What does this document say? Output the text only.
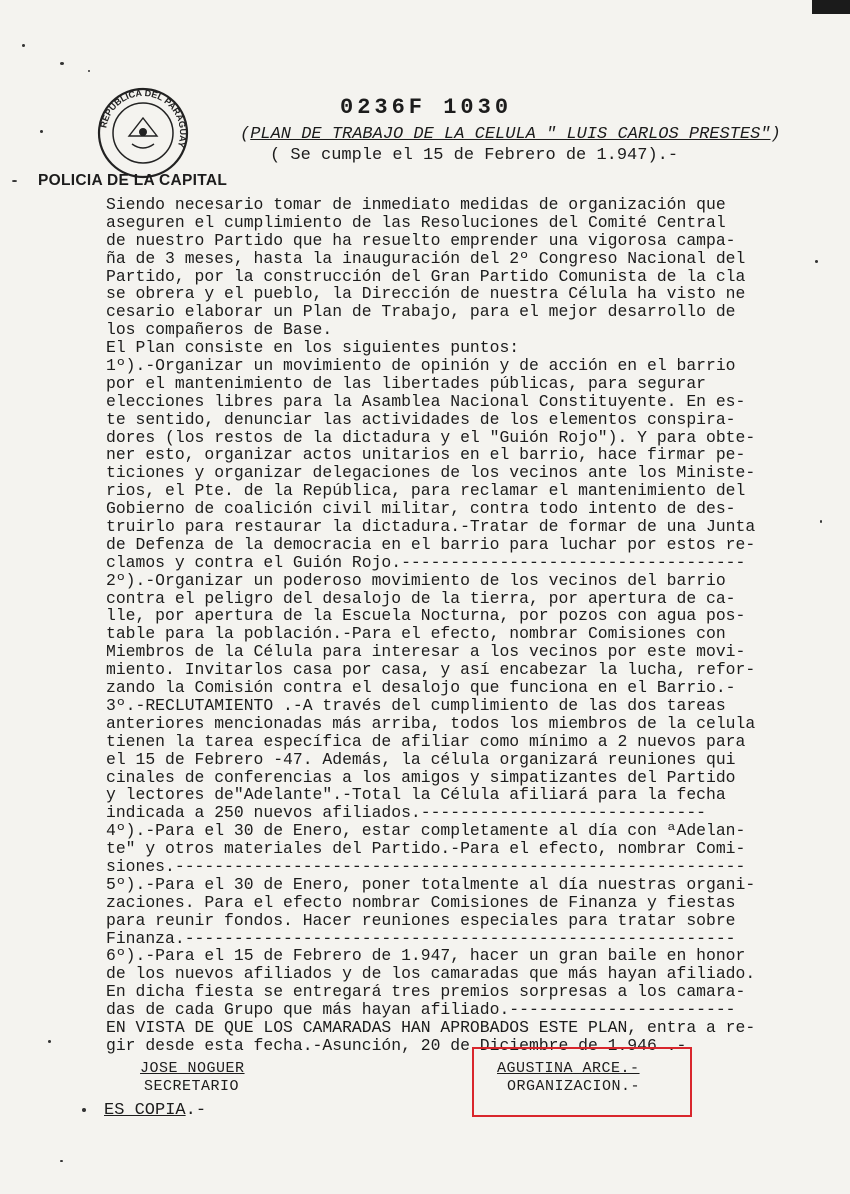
REPUBLICA DEL PARAGUAY
0236F 1030
(PLAN DE TRABAJO DE LA CELULA " LUIS CARLOS PRESTES")
( Se cumple el 15 de Febrero de 1.947).-
POLICIA DE LA CAPITAL
Siendo necesario tomar de inmediato medidas de organización que
aseguren el cumplimiento de las Resoluciones del Comité Central
de nuestro Partido que ha resuelto emprender una vigorosa campa-
ña de 3 meses, hasta la inauguración del 2º Congreso Nacional del
Partido, por la construcción del Gran Partido Comunista de la cla
se obrera y el pueblo, la Dirección de nuestra Célula ha visto ne
cesario elaborar un Plan de Trabajo, para el mejor desarrollo de
los compañeros de Base.
El Plan consiste en los siguientes puntos:
1º).-Organizar un movimiento de opinión y de acción en el barrio
por el mantenimiento de las libertades públicas, para segurar
elecciones libres para la Asamblea Nacional Constituyente. En es-
te sentido, denunciar las actividades de los elementos conspira-
dores (los restos de la dictadura y el "Guión Rojo"). Y para obte-
ner esto, organizar actos unitarios en el barrio, hace firmar pe-
ticiones y organizar delegaciones de los vecinos ante los Ministe-
rios, el Pte. de la República, para reclamar el mantenimiento del
Gobierno de coalición civil militar, contra todo intento de des-
truirlo para restaurar la dictadura.-Tratar de formar de una Junta
de Defenza de la democracia en el barrio para luchar por estos re-
clamos y contra el Guión Rojo.-----------------------------------
2º).-Organizar un poderoso movimiento de los vecinos del barrio
contra el peligro del desalojo de la tierra, por apertura de ca-
lle, por apertura de la Escuela Nocturna, por pozos con agua pos-
table para la población.-Para el efecto, nombrar Comisiones con
Miembros de la Célula para interesar a los vecinos por este movi-
miento. Invitarlos casa por casa, y así encabezar la lucha, refor-
zando la Comisión contra el desalojo que funciona en el Barrio.-
3º.-RECLUTAMIENTO .-A través del cumplimiento de las dos tareas
anteriores mencionadas más arriba, todos los miembros de la celula
tienen la tarea específica de afiliar como mínimo a 2 nuevos para
el 15 de Febrero -47. Además, la célula organizará reuniones qui
cinales de conferencias a los amigos y simpatizantes del Partido
y lectores de"Adelante".-Total la Célula afiliará para la fecha
indicada a 250 nuevos afiliados.-----------------------------
4º).-Para el 30 de Enero, estar completamente al día con ªAdelan-
te" y otros materiales del Partido.-Para el efecto, nombrar Comi-
siones.----------------------------------------------------------
5º).-Para el 30 de Enero, poner totalmente al día nuestras organi-
zaciones. Para el efecto nombrar Comisiones de Finanza y fiestas
para reunir fondos. Hacer reuniones especiales para tratar sobre
Finanza.--------------------------------------------------------
6º).-Para el 15 de Febrero de 1.947, hacer un gran baile en honor
de los nuevos afiliados y de los camaradas que más hayan afiliado.
En dicha fiesta se entregará tres premios sorpresas a los camara-
das de cada Grupo que más hayan afiliado.-----------------------
EN VISTA DE QUE LOS CAMARADAS HAN APROBADOS ESTE PLAN, entra a re-
gir desde esta fecha.-Asunción, 20 de Diciembre de 1.946 .-
JOSE NOGUER
SECRETARIO
AGUSTINA ARCE.-
ORGANIZACION.-
ES COPIA.-
